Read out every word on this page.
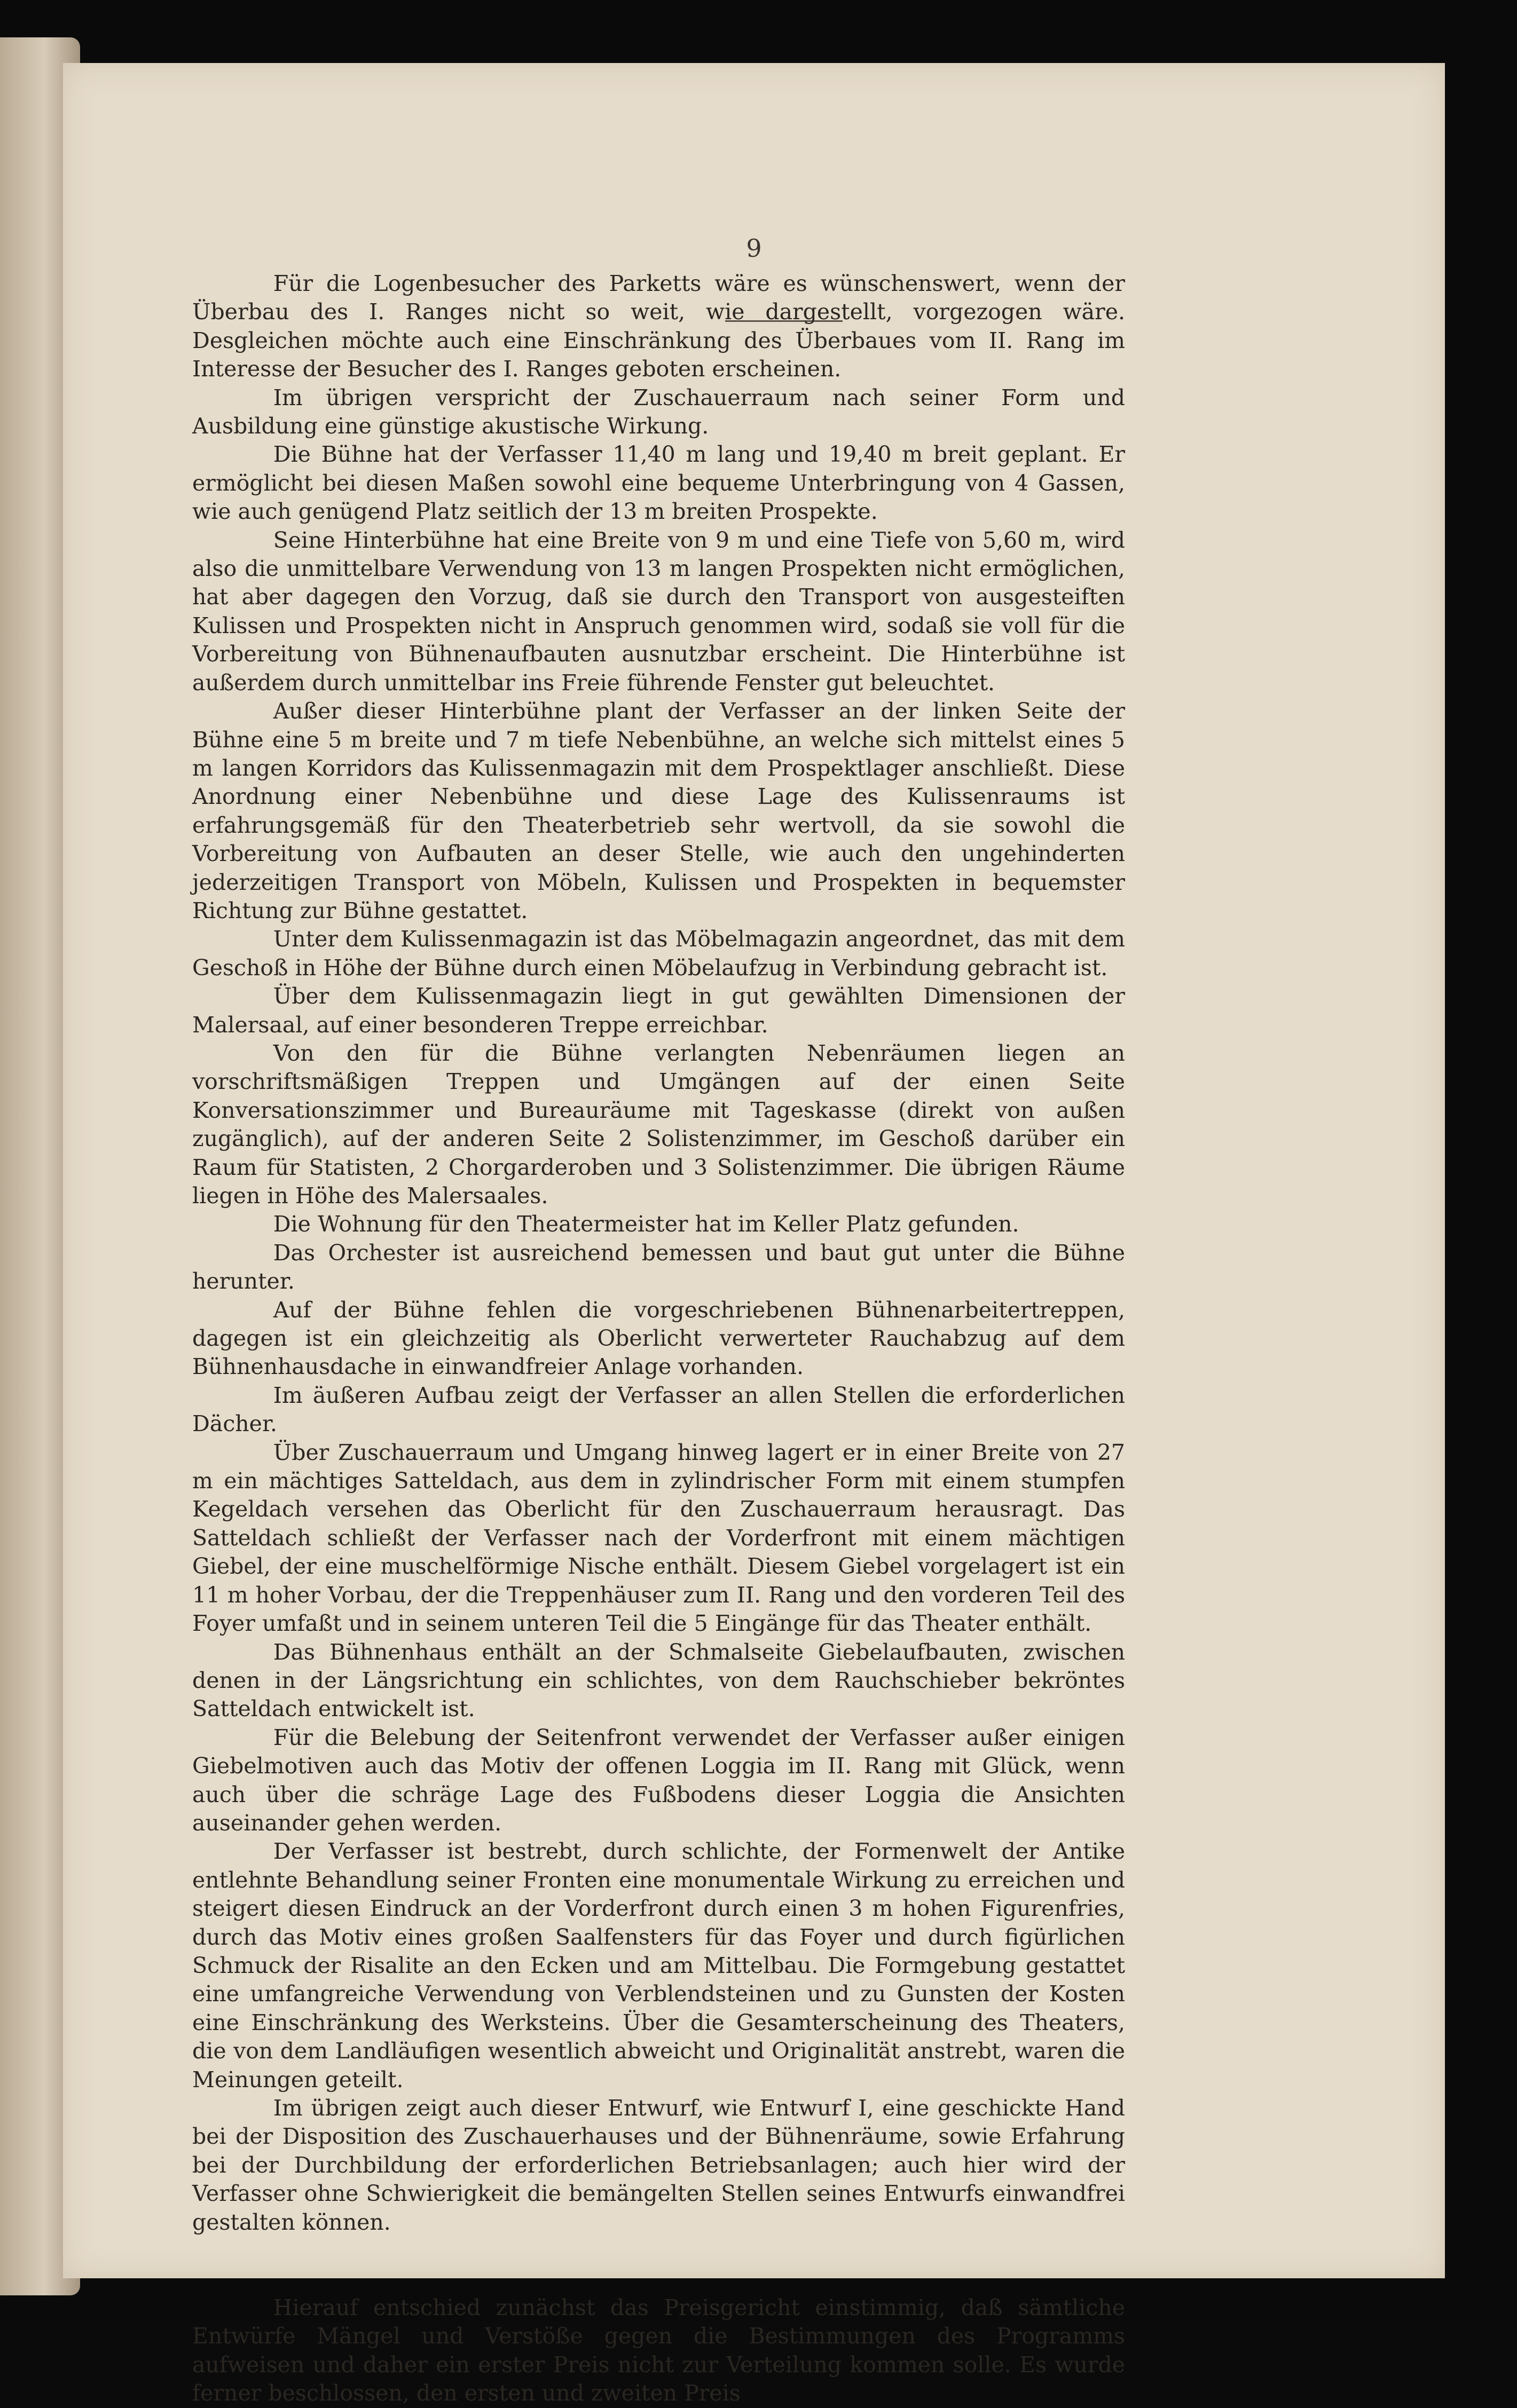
9

Für die Logenbesucher des Parketts wäre es wünschenswert, wenn der Überbau des I. Ranges nicht so weit, wie dargestellt, vorgezogen wäre. Desgleichen möchte auch eine Einschränkung des Überbaues vom II. Rang im Interesse der Besucher des I. Ranges geboten erscheinen.

Im übrigen verspricht der Zuschauerraum nach seiner Form und Ausbildung eine günstige akustische Wirkung.

Die Bühne hat der Verfasser 11,40 m lang und 19,40 m breit geplant. Er ermöglicht bei diesen Maßen sowohl eine bequeme Unterbringung von 4 Gassen, wie auch genügend Platz seitlich der 13 m breiten Prospekte.

Seine Hinterbühne hat eine Breite von 9 m und eine Tiefe von 5,60 m, wird also die unmittelbare Verwendung von 13 m langen Prospekten nicht ermöglichen, hat aber dagegen den Vorzug, daß sie durch den Transport von ausgesteiften Kulissen und Prospekten nicht in Anspruch genommen wird, sodaß sie voll für die Vorbereitung von Bühnenaufbauten ausnutzbar erscheint. Die Hinterbühne ist außerdem durch unmittelbar ins Freie führende Fenster gut beleuchtet.

Außer dieser Hinterbühne plant der Verfasser an der linken Seite der Bühne eine 5 m breite und 7 m tiefe Nebenbühne, an welche sich mittelst eines 5 m langen Korridors das Kulissenmagazin mit dem Prospektlager anschließt. Diese Anordnung einer Nebenbühne und diese Lage des Kulissenraums ist erfahrungsgemäß für den Theaterbetrieb sehr wertvoll, da sie sowohl die Vorbereitung von Aufbauten an deser Stelle, wie auch den ungehinderten jederzeitigen Transport von Möbeln, Kulissen und Prospekten in bequemster Richtung zur Bühne gestattet.

Unter dem Kulissenmagazin ist das Möbelmagazin angeordnet, das mit dem Geschoß in Höhe der Bühne durch einen Möbelaufzug in Verbindung gebracht ist.

Über dem Kulissenmagazin liegt in gut gewählten Dimensionen der Malersaal, auf einer besonderen Treppe erreichbar.

Von den für die Bühne verlangten Nebenräumen liegen an vorschriftsmäßigen Treppen und Umgängen auf der einen Seite Konversationszimmer und Bureauräume mit Tageskasse (direkt von außen zugänglich), auf der anderen Seite 2 Solistenzimmer, im Geschoß darüber ein Raum für Statisten, 2 Chorgarderoben und 3 Solistenzimmer. Die übrigen Räume liegen in Höhe des Malersaales.

Die Wohnung für den Theatermeister hat im Keller Platz gefunden.

Das Orchester ist ausreichend bemessen und baut gut unter die Bühne herunter.

Auf der Bühne fehlen die vorgeschriebenen Bühnenarbeitertreppen, dagegen ist ein gleichzeitig als Oberlicht verwerteter Rauchabzug auf dem Bühnenhausdache in einwandfreier Anlage vorhanden.

Im äußeren Aufbau zeigt der Verfasser an allen Stellen die erforderlichen Dächer.

Über Zuschauerraum und Umgang hinweg lagert er in einer Breite von 27 m ein mächtiges Satteldach, aus dem in zylindrischer Form mit einem stumpfen Kegeldach versehen das Oberlicht für den Zuschauerraum herausragt. Das Satteldach schließt der Verfasser nach der Vorderfront mit einem mächtigen Giebel, der eine muschelförmige Nische enthält. Diesem Giebel vorgelagert ist ein 11 m hoher Vorbau, der die Treppenhäuser zum II. Rang und den vorderen Teil des Foyer umfaßt und in seinem unteren Teil die 5 Eingänge für das Theater enthält.

Das Bühnenhaus enthält an der Schmalseite Giebelaufbauten, zwischen denen in der Längsrichtung ein schlichtes, von dem Rauchschieber bekröntes Satteldach entwickelt ist.

Für die Belebung der Seitenfront verwendet der Verfasser außer einigen Giebelmotiven auch das Motiv der offenen Loggia im II. Rang mit Glück, wenn auch über die schräge Lage des Fußbodens dieser Loggia die Ansichten auseinander gehen werden.

Der Verfasser ist bestrebt, durch schlichte, der Formenwelt der Antike entlehnte Behandlung seiner Fronten eine monumentale Wirkung zu erreichen und steigert diesen Eindruck an der Vorderfront durch einen 3 m hohen Figurenfries, durch das Motiv eines großen Saalfensters für das Foyer und durch figürlichen Schmuck der Risalite an den Ecken und am Mittelbau. Die Formgebung gestattet eine umfangreiche Verwendung von Verblendsteinen und zu Gunsten der Kosten eine Einschränkung des Werksteins. Über die Gesamterscheinung des Theaters, die von dem Landläufigen wesentlich abweicht und Originalität anstrebt, waren die Meinungen geteilt.

Im übrigen zeigt auch dieser Entwurf, wie Entwurf I, eine geschickte Hand bei der Disposition des Zuschauerhauses und der Bühnenräume, sowie Erfahrung bei der Durchbildung der erforderlichen Betriebsanlagen; auch hier wird der Verfasser ohne Schwierigkeit die bemängelten Stellen seines Entwurfs einwandfrei gestalten können.

Hierauf entschied zunächst das Preisgericht einstimmig, daß sämtliche Entwürfe Mängel und Verstöße gegen die Bestimmungen des Programms aufweisen und daher ein erster Preis nicht zur Verteilung kommen solle. Es wurde ferner beschlossen, den ersten und zweiten Preis
